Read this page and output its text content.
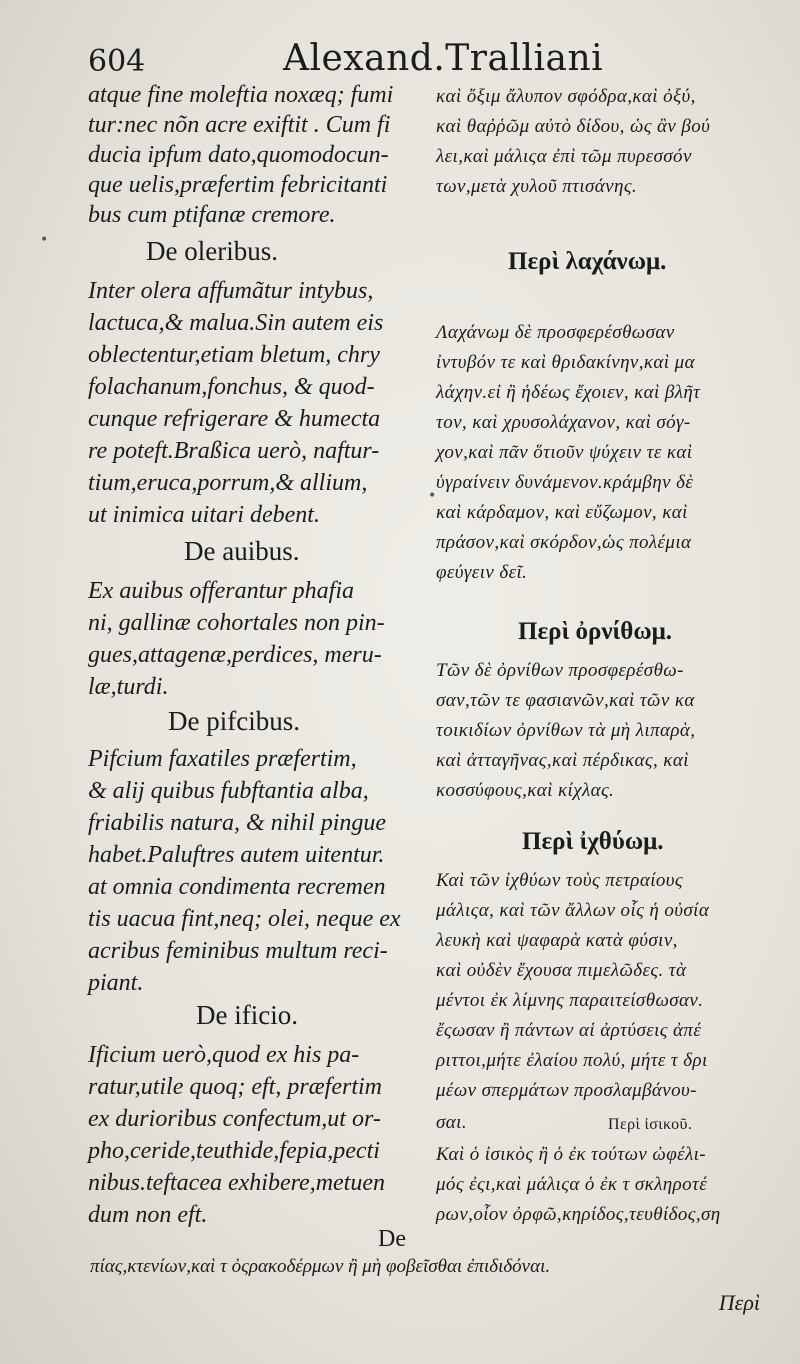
604	Alexand.Tralliani
atque fine moleftia noxæq; fumi
tur:nec nõn acre exiftit . Cum fi
ducia ipfum dato,quomodocun-
que uelis,præfertim febricitanti
bus cum ptifanæ cremore.
De oleribus.
Inter olera affumãtur intybus,
lactuca,& malua.Sin autem eis
oblectentur,etiam bletum, chry
folachanum,fonchus, & quod-
cunque refrigerare & humecta
re poteft.Braßica uerò, naftur-
tium,eruca,porrum,& allium,
ut inimica uitari debent.
De auibus.
Ex auibus offerantur phafia
ni, gallinæ cohortales non pin-
gues,attagenæ,perdices, meru-
læ,turdi.
De pifcibus.
Pifcium faxatiles præfertim,
& alij quibus fubftantia alba,
friabilis natura, & nihil pingue
habet.Paluftres autem uitentur.
at omnia condimenta recremen
tis uacua fint,neq; olei, neque ex
acribus feminibus multum reci-
piant.
De ificio.
Ificium uerò,quod ex his pa-
ratur,utile quoq; eft, præfertim
ex durioribus confectum,ut or-
pho,ceride,teuthide,fepia,pecti
nibus.teftacea exhibere,metuen
dum non eft.
De
καὶ ὄξιμ ἄλυπον σφόδρα,καὶ ὀξύ,
καὶ θαῤῥῶμ αὐτὸ δίδου, ὡς ἂν βού
λει,καὶ μάλιςα ἐπὶ τῶμ πυρεσσόν
των,μετὰ χυλοῦ πτισάνης.
Περὶ λαχάνωμ.
Λαχάνωμ δὲ προσφερέσθωσαν
ἰντυβόν τε καὶ θριδακίνην,καὶ μα
λάχην.εἰ ἢ ἡδέως ἔχοιεν, καὶ βλῆτ
τον, καὶ χρυσολάχανον, καὶ σόγ-
χον,καὶ πᾶν ὅτιοῦν ψύχειν τε καὶ
ὑγραίνειν δυνάμενον.κράμβην δὲ
καὶ κάρδαμον, καὶ εὔζωμον, καὶ
πράσον,καὶ σκόρδον,ὡς πολέμια
φεύγειν δεῖ.
Περὶ ὀρνίθωμ.
Τῶν δὲ ὀρνίθων προσφερέσθω-
σαν,τῶν τε φασιανῶν,καὶ τῶν κα
τοικιδίων ὀρνίθων τὰ μὴ λιπαρὰ,
καὶ ἀτταγῆνας,καὶ πέρδικας, καὶ
κοσσύφους,καὶ κίχλας.
Περὶ ἰχθύωμ.
Καὶ τῶν ἰχθύων τοὺς πετραίους
μάλιςα, καὶ τῶν ἄλλων οἷς ἡ οὐσία
λευκὴ καὶ ψαφαρὰ κατὰ φύσιν,
καὶ οὐδὲν ἔχουσα πιμελῶδες. τὰ
μέντοι ἐκ λίμνης παραιτείσθωσαν.
ἔςωσαν ἢ πάντων αἱ ἀρτύσεις ἀπέ
ριττοι,μήτε ἐλαίου πολύ, μήτε τ δρι
μέων σπερμάτων προσλαμβάνου-
σαι.	Περὶ ἰσικοῦ.
Καὶ ὁ ἰσικὸς ἢ ὁ ἐκ τούτων ὠφέλι-
μός ἐςι,καὶ μάλιςα ὁ ἐκ τ σκληροτέ
ρων,οἷον ὀρφῶ,κηρίδος,τευθίδος,ση
πίας,κτενίων,καὶ τ ὀςρακοδέρμων ἢ μὴ φοβεῖσθαι ἐπιδιδόναι.
Περὶ
•
•
